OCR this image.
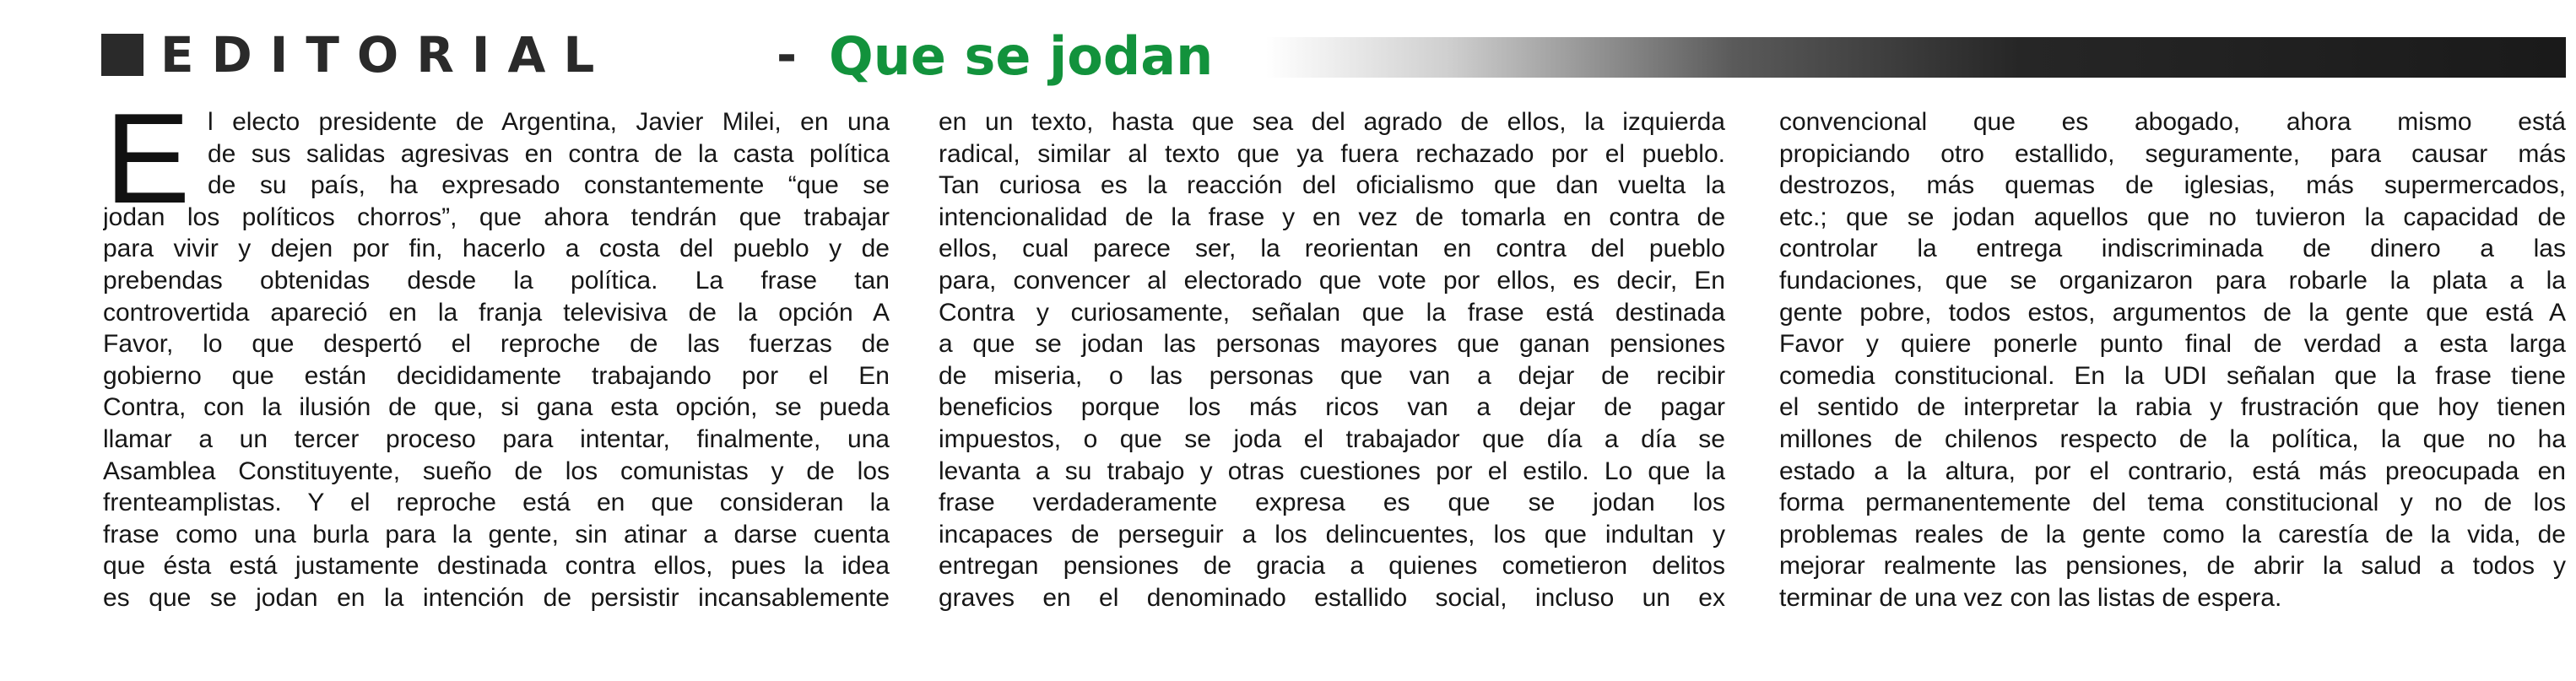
EDITORIAL	- Que se jodan
E l electo presidente de Argentina, Javier Milei, en una
de sus salidas agresivas en contra de la casta política
de su país, ha expresado constantemente “que se
jodan los políticos chorros”, que ahora tendrán que trabajar
para vivir y dejen por fin, hacerlo a costa del pueblo y de
prebendas obtenidas desde la política. La frase tan
controvertida apareció en la franja televisiva de la opción A
Favor, lo que despertó el reproche de las fuerzas de
gobierno que están decididamente trabajando por el En
Contra, con la ilusión de que, si gana esta opción, se pueda
llamar a un tercer proceso para intentar, finalmente, una
Asamblea Constituyente, sueño de los comunistas y de los
frenteamplistas. Y el reproche está en que consideran la
frase como una burla para la gente, sin atinar a darse cuenta
que ésta está justamente destinada contra ellos, pues la idea
es que se jodan en la intención de persistir incansablemente
en un texto, hasta que sea del agrado de ellos, la izquierda
radical, similar al texto que ya fuera rechazado por el pueblo.
Tan curiosa es la reacción del oficialismo que dan vuelta la
intencionalidad de la frase y en vez de tomarla en contra de
ellos, cual parece ser, la reorientan en contra del pueblo
para, convencer al electorado que vote por ellos, es decir, En
Contra y curiosamente, señalan que la frase está destinada
a que se jodan las personas mayores que ganan pensiones
de miseria, o las personas que van a dejar de recibir
beneficios porque los más ricos van a dejar de pagar
impuestos, o que se joda el trabajador que día a día se
levanta a su trabajo y otras cuestiones por el estilo. Lo que la
frase verdaderamente expresa es que se jodan los
incapaces de perseguir a los delincuentes, los que indultan y
entregan pensiones de gracia a quienes cometieron delitos
graves en el denominado estallido social, incluso un ex
convencional que es abogado, ahora mismo está
propiciando otro estallido, seguramente, para causar más
destrozos, más quemas de iglesias, más supermercados,
etc.; que se jodan aquellos que no tuvieron la capacidad de
controlar la entrega indiscriminada de dinero a las
fundaciones, que se organizaron para robarle la plata a la
gente pobre, todos estos, argumentos de la gente que está A
Favor y quiere ponerle punto final de verdad a esta larga
comedia constitucional. En la UDI señalan que la frase tiene
el sentido de interpretar la rabia y frustración que hoy tienen
millones de chilenos respecto de la política, la que no ha
estado a la altura, por el contrario, está más preocupada en
forma permanentemente del tema constitucional y no de los
problemas reales de la gente como la carestía de la vida, de
mejorar realmente las pensiones, de abrir la salud a todos y
terminar de una vez con las listas de espera.
